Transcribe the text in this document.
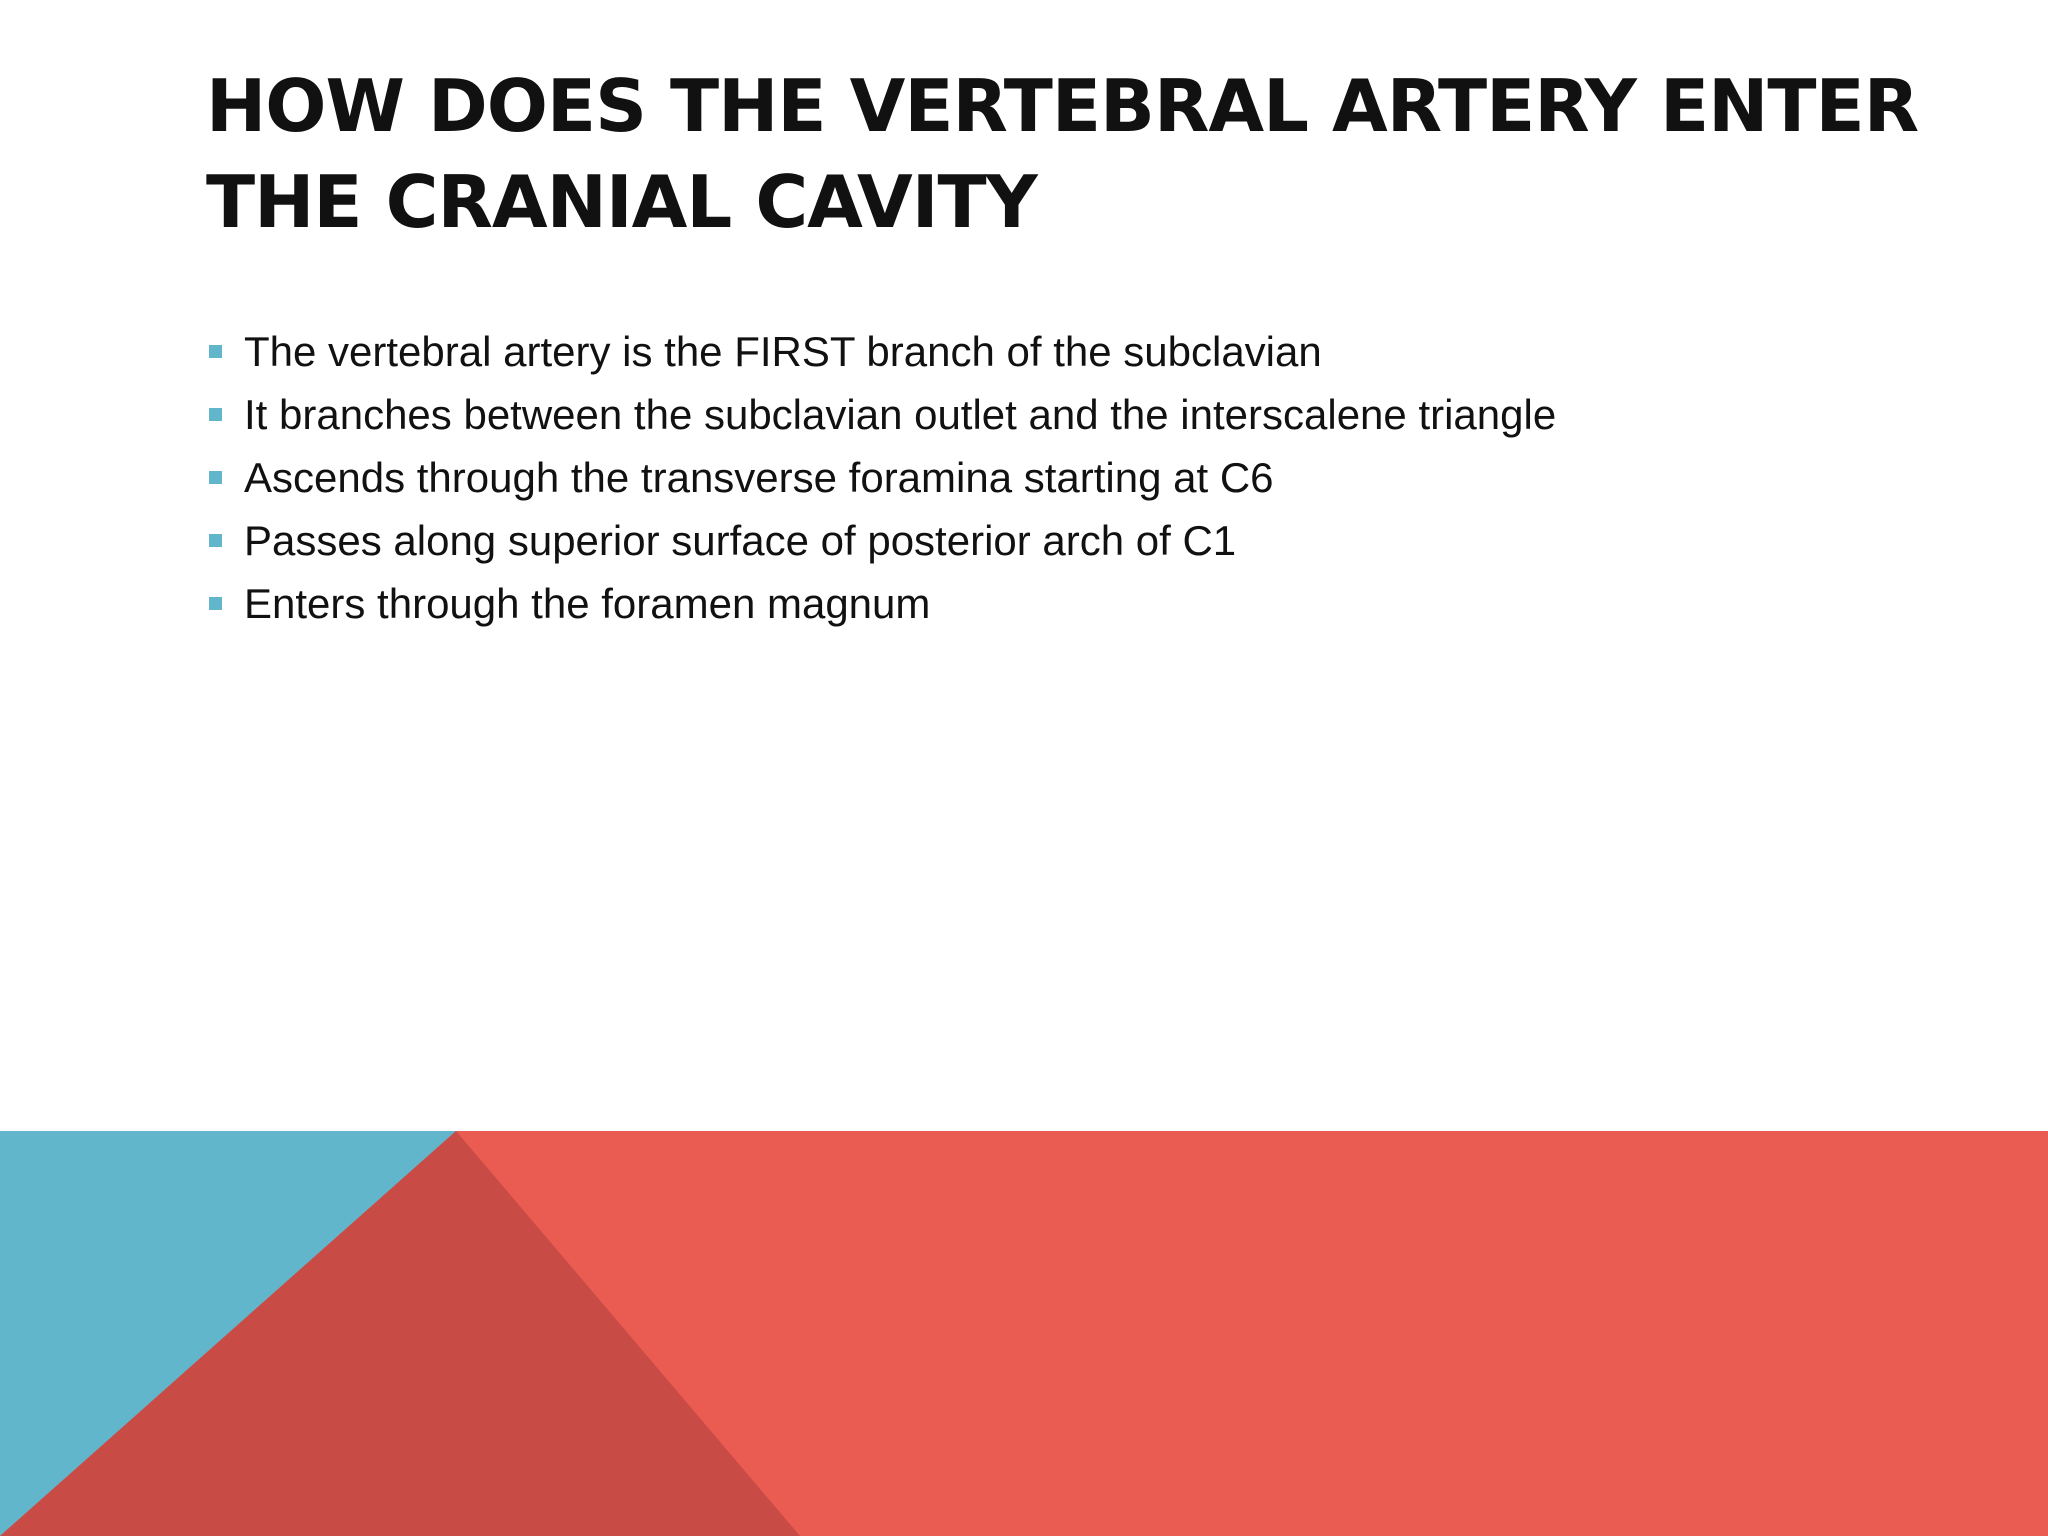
HOW DOES THE VERTEBRAL ARTERY ENTER
THE CRANIAL CAVITY
The vertebral artery is the FIRST branch of the subclavian
It branches between the subclavian outlet and the interscalene triangle
Ascends through the transverse foramina starting at C6
Passes along superior surface of posterior arch of C1
Enters through the foramen magnum
